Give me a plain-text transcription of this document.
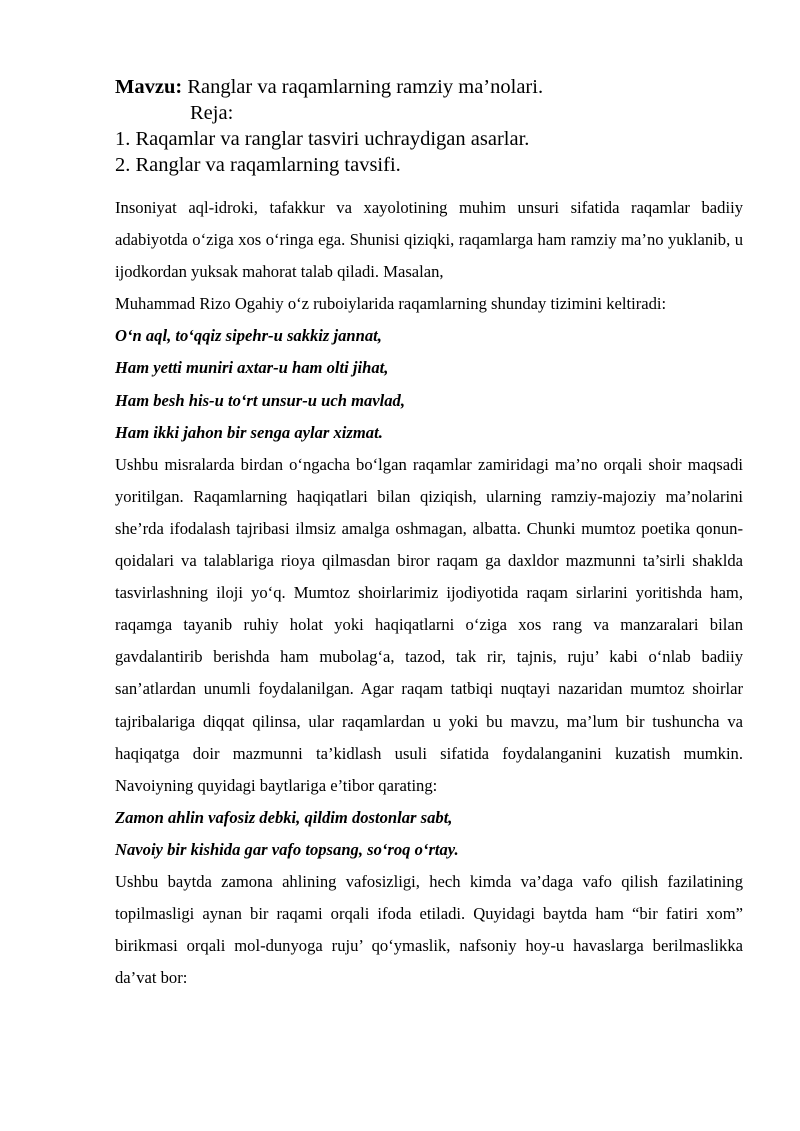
Mavzu: Ranglar va raqamlarning ramziy ma’nolari.
Reja:
1. Raqamlar va ranglar tasviri uchraydigan asarlar.
2. Ranglar va raqamlarning tavsifi.

Insoniyat aql-idroki, tafakkur va xayolotining muhim unsuri sifatida raqamlar badiiy adabiyotda o‘ziga xos o‘ringa ega. Shunisi qiziqki, raqamlarga ham ramziy ma’no yuklanib, u ijodkordan yuksak mahorat talab qiladi. Masalan,

Muhammad Rizo Ogahiy o‘z ruboiylarida raqamlarning shunday tizimini keltiradi:

O‘n aql, to‘qqiz sipehr-u sakkiz jannat,

Ham yetti muniri axtar-u ham olti jihat,

Ham besh his-u to‘rt unsur-u uch mavlad,

Ham ikki jahon bir senga aylar xizmat.

Ushbu misralarda birdan o‘ngacha bo‘lgan raqamlar zamiridagi ma’no orqali shoir maqsadi yoritilgan. Raqamlarning haqiqatlari bilan qiziqish, ularning ramziy-majoziy ma’nolarini she’rda ifodalash tajribasi ilmsiz amalga oshmagan, albatta. Chunki mumtoz poetika qonun-qoidalari va talablariga rioya qilmasdan biror raqam ga daxldor mazmunni ta’sirli shaklda tasvirlashning iloji yo‘q. Mumtoz shoirlarimiz ijodiyotida raqam sirlarini yoritishda ham, raqamga tayanib ruhiy holat yoki haqiqatlarni o‘ziga xos rang va manzaralari bilan gavdalantirib berishda ham mubolag‘a, tazod, tak rir, tajnis, ruju’ kabi o‘nlab badiiy san’atlardan unumli foydalanilgan. Agar raqam tatbiqi nuqtayi nazaridan mumtoz shoirlar tajribalariga diqqat qilinsa, ular raqamlardan u yoki bu mavzu, ma’lum bir tushuncha va haqiqatga doir mazmunni ta’kidlash usuli sifatida foydalanganini kuzatish mumkin. Navoiyning quyidagi baytlariga e’tibor qarating:

Zamon ahlin vafosiz debki, qildim dostonlar sabt,

Navoiy bir kishida gar vafo topsang, so‘roq o‘rtay.

Ushbu baytda zamona ahlining vafosizligi, hech kimda va’daga vafo qilish fazilatining topilmasligi aynan bir raqami orqali ifoda etiladi. Quyidagi baytda ham “bir fatiri xom” birikmasi orqali mol-dunyoga ruju’ qo‘ymaslik, nafsoniy hoy-u havaslarga berilmaslikka da’vat bor:
